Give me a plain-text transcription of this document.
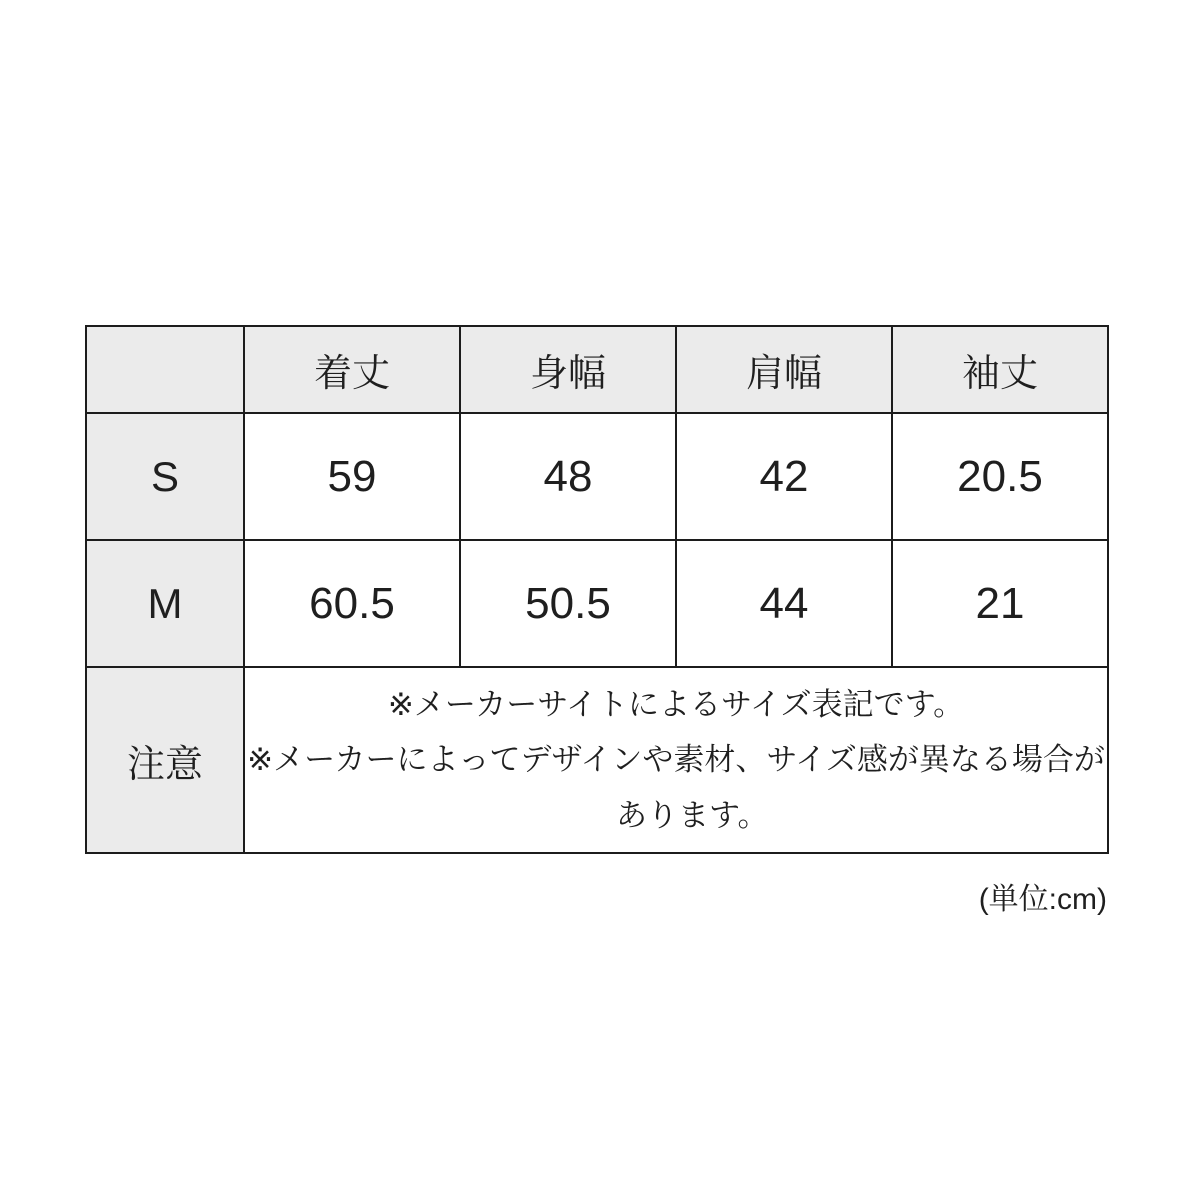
	着丈	身幅	肩幅	袖丈
S	59	48	42	20.5
M	60.5	50.5	44	21
注意	※メーカーサイトによるサイズ表記です。
※メーカーによってデザインや素材、サイズ感が異なる場合があります。			
(単位:cm)
